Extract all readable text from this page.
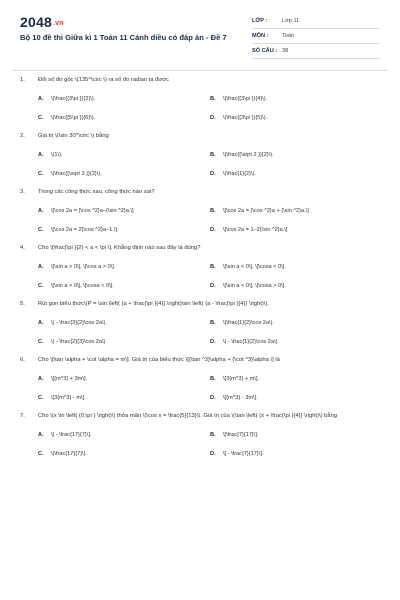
2048.vn
Bộ 10 đề thi Giữa kì 1 Toán 11 Cánh diều có đáp án - Đề 7
LỚP :	Lớp 11
MÔN :	Toán
SỐ CÂU : 38
1.	Đổi số đo góc \(135^\circ \) ra số đo radian ta được
A.	\(\frac{{3\pi }}{2}\).	B.	\(\frac{{3\pi }}{4}\).
C.	\(\frac{{5\pi }}{6}\).	D.	\(\frac{{3\pi }}{5}\).
2.	Giá trị \(\sin 30^\circ \) bằng
A.	\(1\).	B.	\(\frac{{\sqrt 2 }}{2}\).
C.	\(\frac{{\sqrt 3 }}{2}\).	D.	\(\frac{1}{2}\).
3.	Trong các công thức sau, công thức nào sai?
A.	\[\cos 2a = {\cos ^2}a–{\sin ^2}a.\]	B.	\[\cos 2a = {\cos ^2}a + {\sin ^2}a.\]
C.	\[\cos 2a = 2{\cos ^2}a–1.\]	D.	\[\cos 2a = 1–2{\sin ^2}a.\]
4.	Cho \[\frac{\pi }{2} < a < \pi \]. Khẳng định nào sau đây là đúng?
A.	\[\sin a > 0\], \[\cos a > 0\].	B.	\[\sin a < 0\], \[\cosa < 0\].
C.	\[\sin a > 0\], \[\cosa < 0\].	D.	\[\sin a < 0\], \[\cosa > 0\].
5.	Rút gọn biểu thức\(P = \sin \left( {a + \frac{\pi }{4}} \right)\sin \left( {a - \frac{\pi }{4}} \right)\).
A.	\( - \frac{3}{2}\cos 2a\).	B.	\(\frac{1}{2}\cos 2a\).
C.	\( - \frac{2}{3}\cos 2a\).	D.	\( - \frac{1}{2}\cos 2a\).
6.	Cho \[\tan \alpha + \cot \alpha = m\]. Giá trị của biểu thức \[{\tan ^3}\alpha + {\cot ^3}\alpha \] là
A.	\[{m^3} + 3m\].	B.	\[3{m^3} + m\].
C.	\[3{m^3} - m\].	D.	\[{m^3} - 3m\].
7.	Cho \(x \in \left( {0;\pi } \right)\) thỏa mãn \(\cos x = \frac{5}{13}\). Giá trị của \(\tan \left( {x + \frac{\pi }{4}} \right)\) bằng
A.	\[ - \frac{17}{7}\].	B.	\[\frac{7}{17}\].
C.	\(\frac{17}{7}\).	D.	\[ - \frac{7}{17}\].
